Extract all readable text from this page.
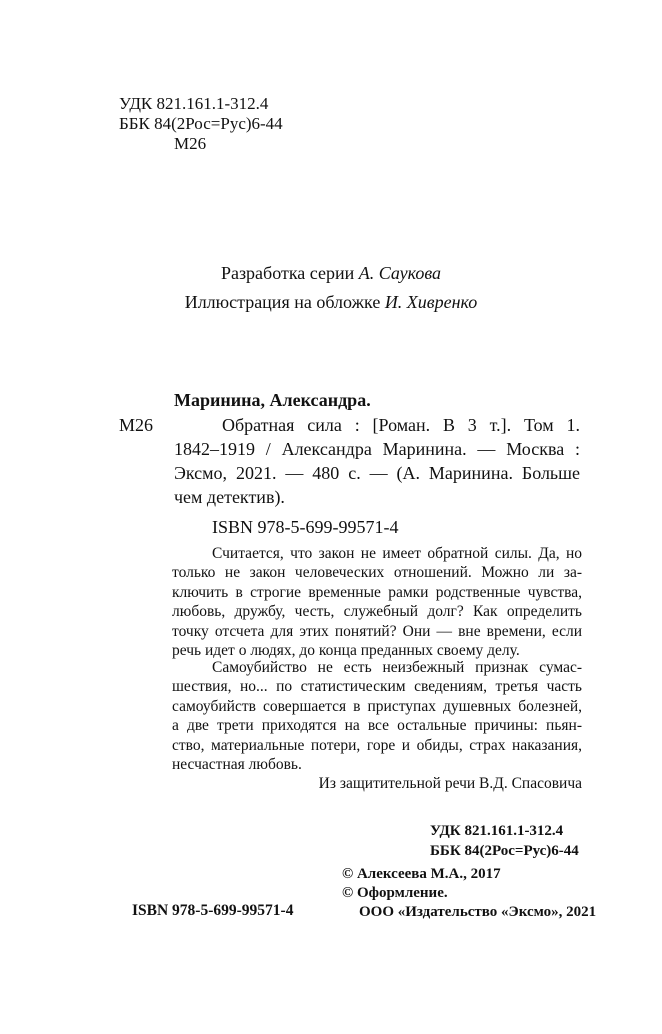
УДК 821.161.1-312.4
ББК 84(2Рос=Рус)6-44
М26
Разработка серии А. Саукова
Иллюстрация на обложке И. Хивренко
Маринина, Александра.
М26	Обратная сила : [Роман. В 3 т.]. Том 1.
1842–1919 / Александра Маринина. — Москва :
Эксмо, 2021. — 480 с. — (А. Маринина. Больше
чем детектив).
ISBN 978-5-699-99571-4
Считается, что закон не имеет обратной силы. Да, но
только не закон человеческих отношений. Можно ли за-
ключить в строгие временные рамки родственные чувства,
любовь, дружбу, честь, служебный долг? Как определить
точку отсчета для этих понятий? Они — вне времени, если
речь идет о людях, до конца преданных своему делу.
Самоубийство не есть неизбежный признак сумас-
шествия, но... по статистическим сведениям, третья часть
самоубийств совершается в приступах душевных болезней,
а две трети приходятся на все остальные причины: пьян-
ство, материальные потери, горе и обиды, страх наказания,
несчастная любовь.
Из защитительной речи В.Д. Спасовича
УДК 821.161.1-312.4
ББК 84(2Рос=Рус)6-44
© Алексеева М.А., 2017
© Оформление.
ООО «Издательство «Эксмо», 2021
ISBN 978-5-699-99571-4
